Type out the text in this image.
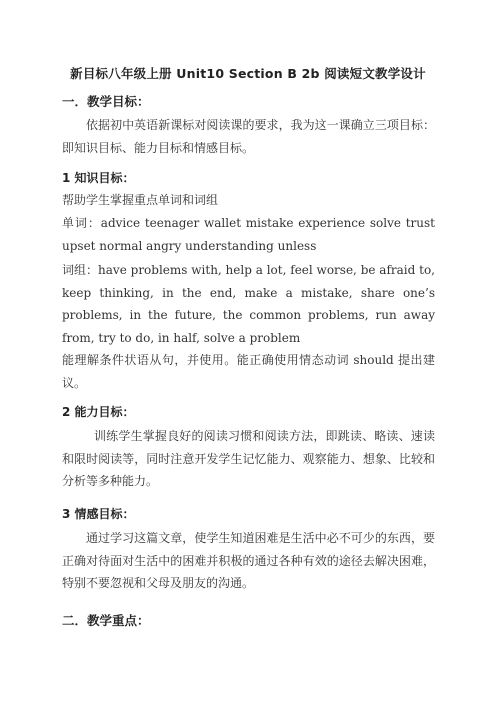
新目标八年级上册 Unit10 Section B 2b 阅读短文教学设计
一．教学目标：
依据初中英语新课标对阅读课的要求，我为这一课确立三项目标：即知识目标、能力目标和情感目标。
1 知识目标：
帮助学生掌握重点单词和词组
单词：advice teenager wallet mistake experience solve trust upset normal angry understanding unless
词组：have problems with, help a lot, feel worse, be afraid to, keep thinking, in the end, make a mistake, share one’s problems, in the future, the common problems, run away from, try to do, in half, solve a problem
能理解条件状语从句，并使用。能正确使用情态动词 should 提出建议。
2 能力目标：
训练学生掌握良好的阅读习惯和阅读方法，即跳读、略读、速读和限时阅读等，同时注意开发学生记忆能力、观察能力、想象、比较和分析等多种能力。
3 情感目标：
通过学习这篇文章，使学生知道困难是生活中必不可少的东西，要正确对待面对生活中的困难并积极的通过各种有效的途径去解决困难，特别不要忽视和父母及朋友的沟通。
二．教学重点：
